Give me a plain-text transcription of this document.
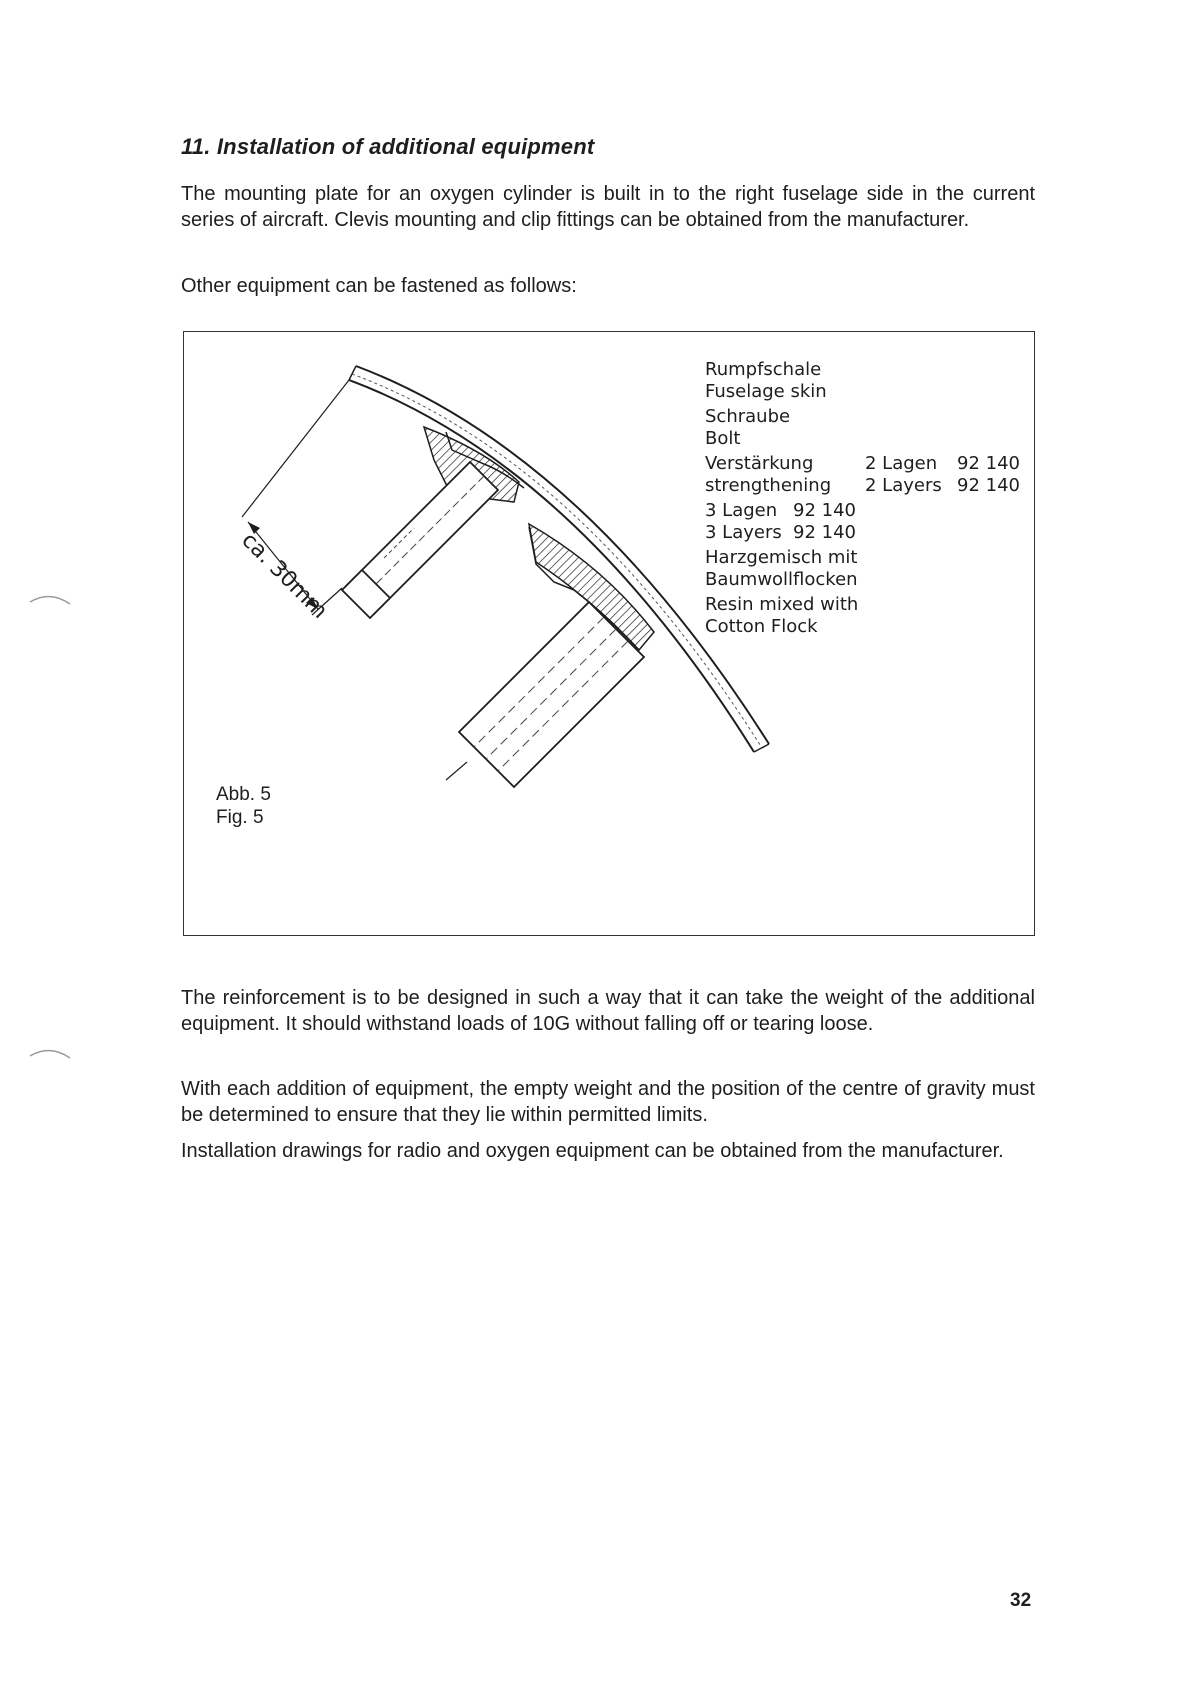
11. Installation of additional equipment

The mounting plate for an oxygen cylinder is built in to the right fuselage side in the current series of aircraft. Clevis mounting and clip fittings can be obtained from the manufacturer.

Other equipment can be fastened as follows:

ca. 30mm
Rumpfschale
Fuselage skin
Schraube
Bolt
Verstärkung	2 Lagen 92 140
strengthening 2 Layers 92 140
3 Lagen 92 140
3 Layers 92 140
Harzgemisch mit
Baumwollflocken
Resin mixed with
Cotton Flock
Abb. 5
Fig. 5

The reinforcement is to be designed in such a way that it can take the weight of the additional equipment. It should withstand loads of 10G without falling off or tearing loose.

With each addition of equipment, the empty weight and the position of the centre of gravity must be determined to ensure that they lie within permitted limits.

Installation drawings for radio and oxygen equipment can be obtained from the manufacturer.

32
